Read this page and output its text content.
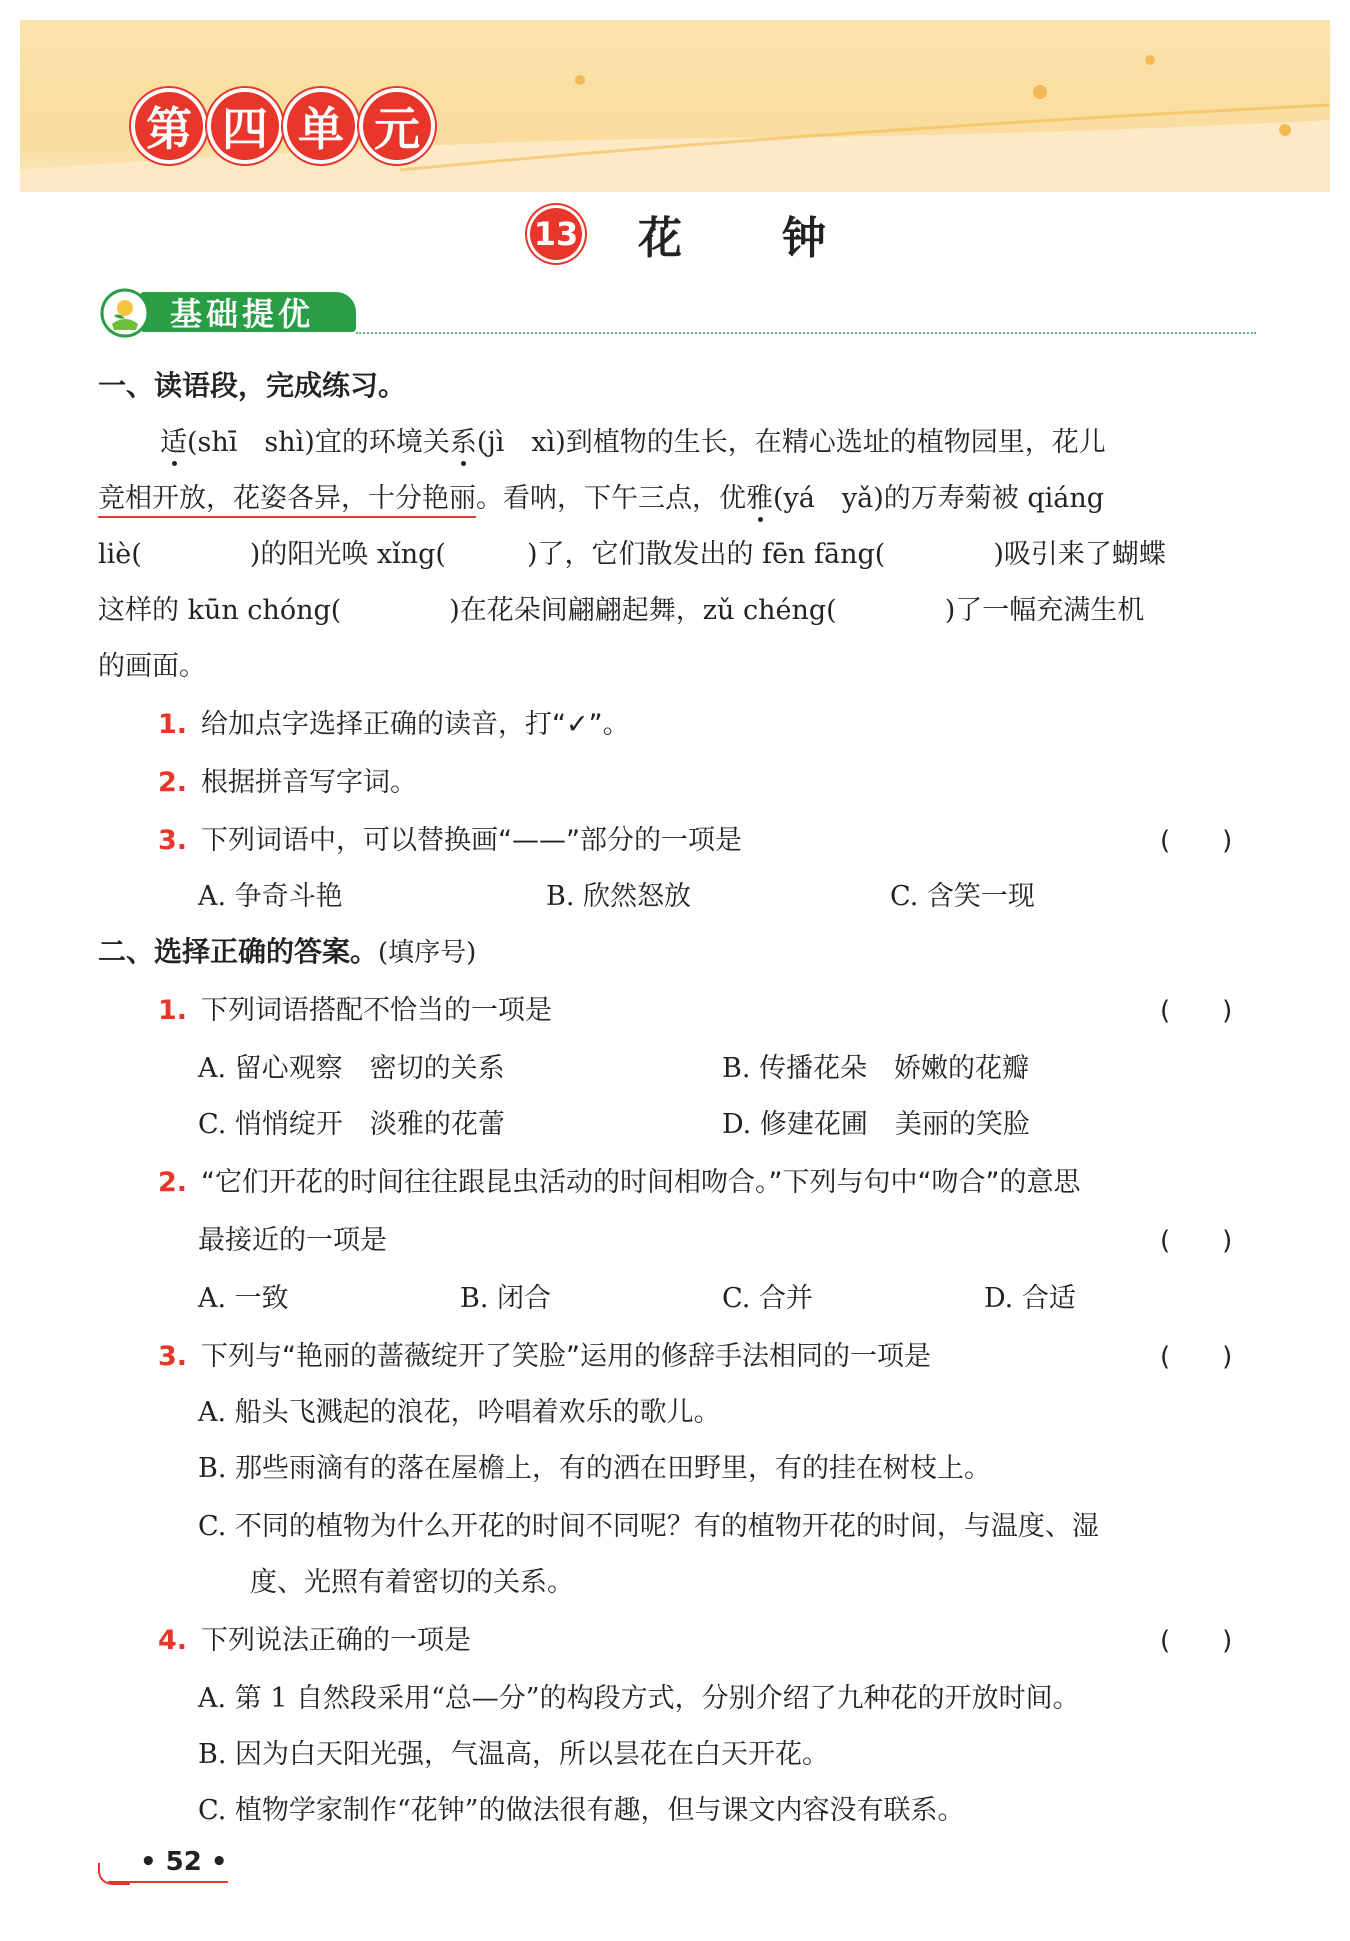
第 四 单 元
13 花钟
基础提优
一、读语段，完成练习。
适(shī　shì)宜的环境关系(jì　xì)到植物的生长，在精心选址的植物园里，花儿
竞相开放，花姿各异，十分艳丽。看呐，下午三点，优雅(yá　yǎ)的万寿菊被 qiáng
liè(　　　　)的阳光唤 xǐng(　　　)了，它们散发出的 fēn fāng(　　　　)吸引来了蝴蝶
这样的 kūn chóng(　　　　)在花朵间翩翩起舞，zǔ chéng(　　　　)了一幅充满生机
的画面。
1. 给加点字选择正确的读音，打“✓”。
2. 根据拼音写字词。
3. 下列词语中，可以替换画“——”部分的一项是	(　　)
A. 争奇斗艳	B. 欣然怒放	C. 含笑一现
二、选择正确的答案。(填序号)
1. 下列词语搭配不恰当的一项是	(　　)
A. 留心观察　密切的关系	B. 传播花朵　娇嫩的花瓣
C. 悄悄绽开　淡雅的花蕾	D. 修建花圃　美丽的笑脸
2. “它们开花的时间往往跟昆虫活动的时间相吻合。”下列与句中“吻合”的意思
最接近的一项是	(　　)
A. 一致	B. 闭合	C. 合并	D. 合适
3. 下列与“艳丽的蔷薇绽开了笑脸”运用的修辞手法相同的一项是	(　　)
A. 船头飞溅起的浪花，吟唱着欢乐的歌儿。
B. 那些雨滴有的落在屋檐上，有的洒在田野里，有的挂在树枝上。
C. 不同的植物为什么开花的时间不同呢？有的植物开花的时间，与温度、湿
度、光照有着密切的关系。
4. 下列说法正确的一项是	(　　)
A. 第 1 自然段采用“总—分”的构段方式，分别介绍了九种花的开放时间。
B. 因为白天阳光强，气温高，所以昙花在白天开花。
C. 植物学家制作“花钟”的做法很有趣，但与课文内容没有联系。
• 52 •
